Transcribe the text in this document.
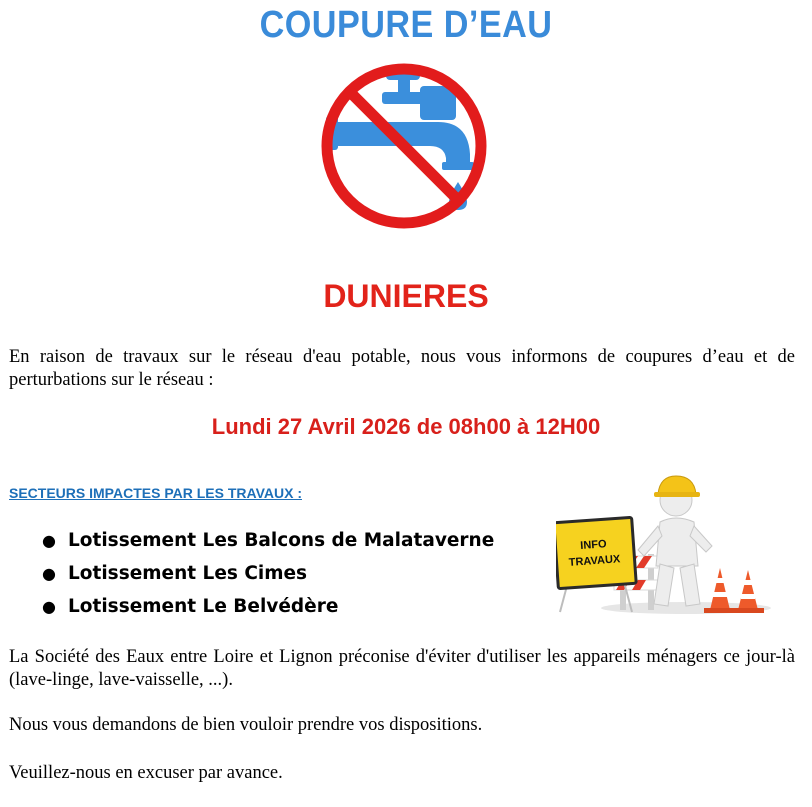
COUPURE D’EAU
DUNIERES
En raison de travaux sur le réseau d'eau potable, nous vous informons de coupures d’eau et de perturbations sur le réseau :
Lundi 27 Avril 2026 de 08h00 à 12H00
SECTEURS IMPACTES PAR LES TRAVAUX :
● Lotissement Les Balcons de Malataverne
● Lotissement Les Cimes
● Lotissement Le Belvédère
INFO
TRAVAUX
La Société des Eaux entre Loire et Lignon préconise d'éviter d'utiliser les appareils ménagers ce jour-là (lave-linge, lave-vaisselle, ...).
Nous vous demandons de bien vouloir prendre vos dispositions.
Veuillez-nous en excuser par avance.
